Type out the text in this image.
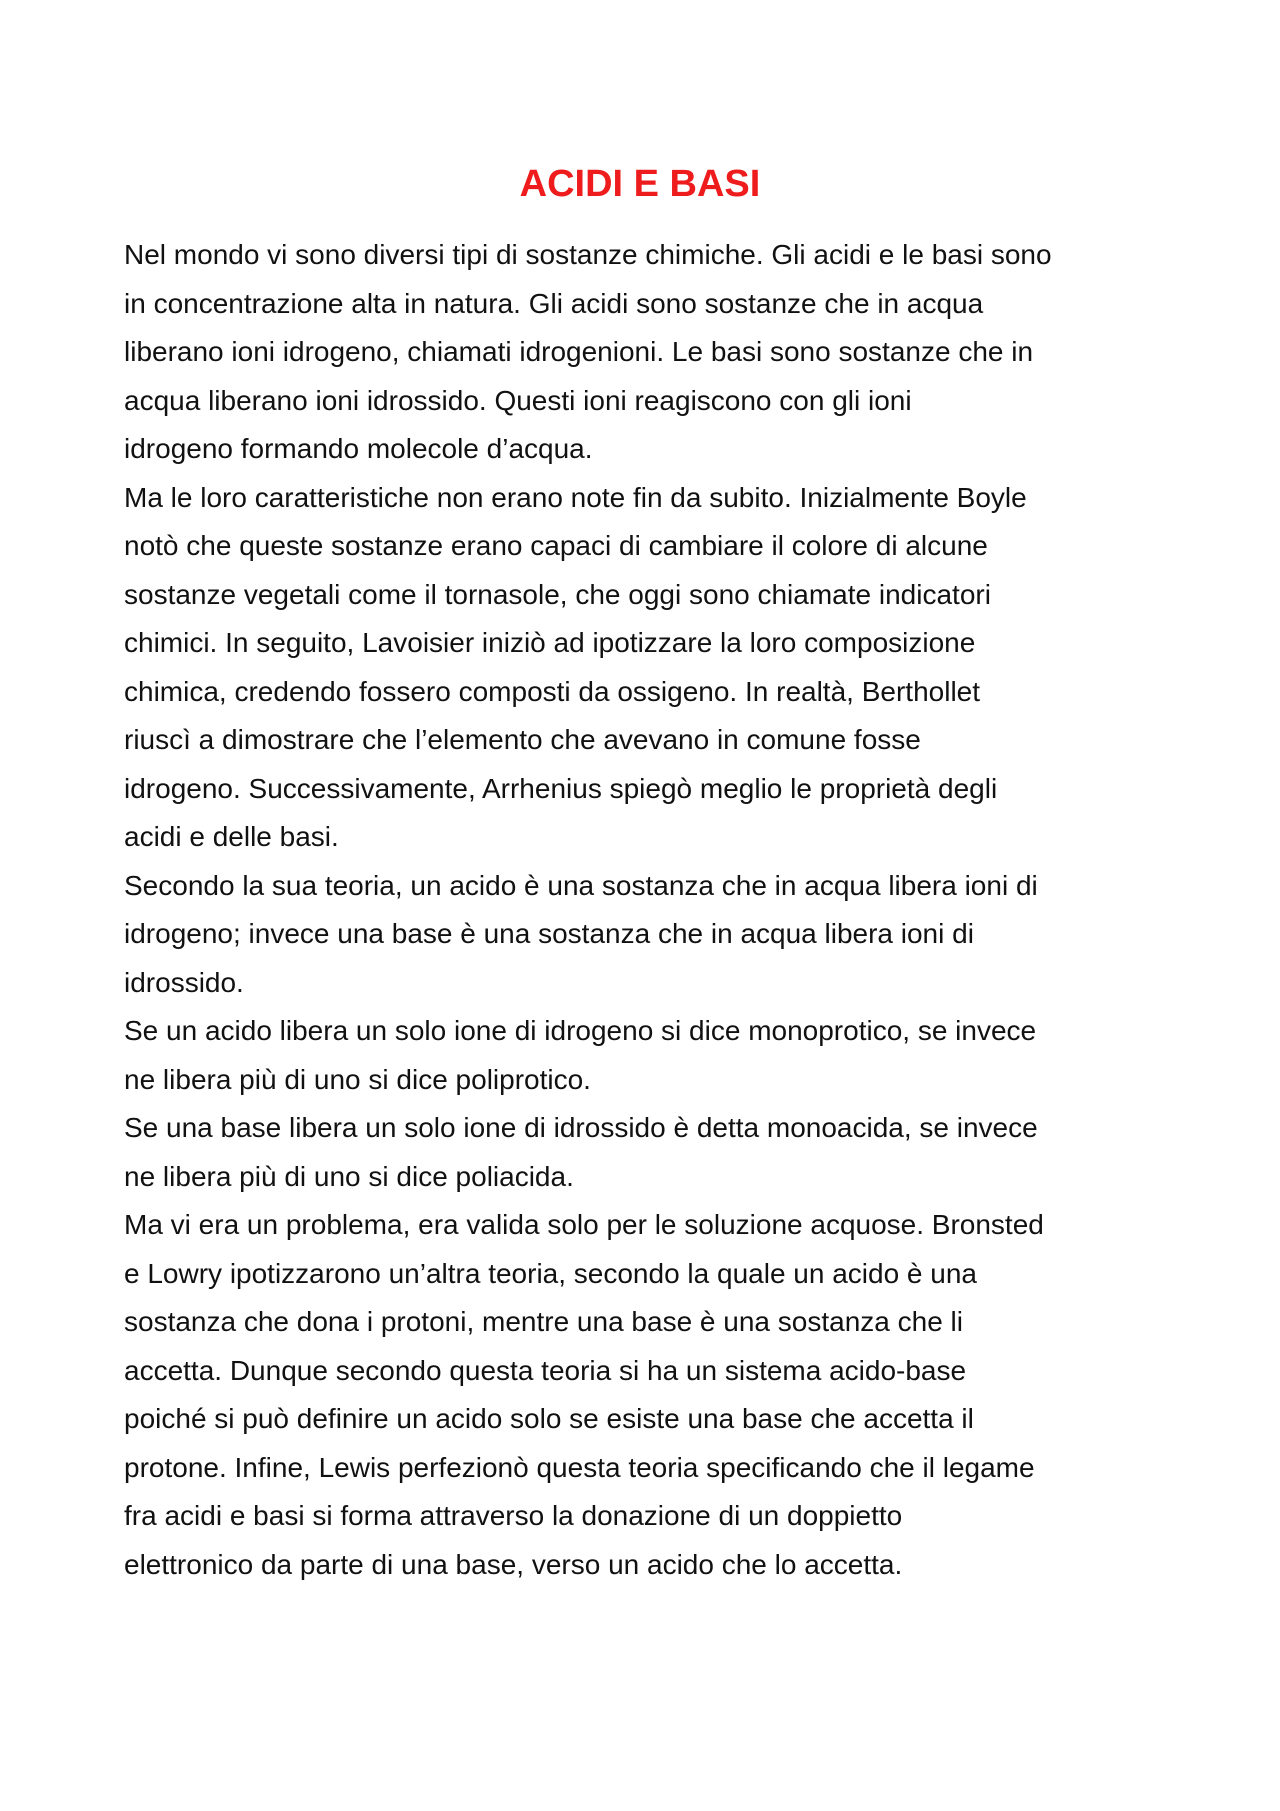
ACIDI E BASI
Nel mondo vi sono diversi tipi di sostanze chimiche. Gli acidi e le basi sono
in concentrazione alta in natura. Gli acidi sono sostanze che in acqua
liberano ioni idrogeno, chiamati idrogenioni. Le basi sono sostanze che in
acqua liberano ioni idrossido. Questi ioni reagiscono con gli ioni
idrogeno formando molecole d’acqua.
Ma le loro caratteristiche non erano note fin da subito. Inizialmente Boyle
notò che queste sostanze erano capaci di cambiare il colore di alcune
sostanze vegetali come il tornasole, che oggi sono chiamate indicatori
chimici. In seguito, Lavoisier iniziò ad ipotizzare la loro composizione
chimica, credendo fossero composti da ossigeno. In realtà, Berthollet
riuscì a dimostrare che l’elemento che avevano in comune fosse
idrogeno. Successivamente, Arrhenius spiegò meglio le proprietà degli
acidi e delle basi.
Secondo la sua teoria, un acido è una sostanza che in acqua libera ioni di
idrogeno; invece una base è una sostanza che in acqua libera ioni di
idrossido.
Se un acido libera un solo ione di idrogeno si dice monoprotico, se invece
ne libera più di uno si dice poliprotico.
Se una base libera un solo ione di idrossido è detta monoacida, se invece
ne libera più di uno si dice poliacida.
Ma vi era un problema, era valida solo per le soluzione acquose. Bronsted
e Lowry ipotizzarono un’altra teoria, secondo la quale un acido è una
sostanza che dona i protoni, mentre una base è una sostanza che li
accetta. Dunque secondo questa teoria si ha un sistema acido-base
poiché si può definire un acido solo se esiste una base che accetta il
protone. Infine, Lewis perfezionò questa teoria specificando che il legame
fra acidi e basi si forma attraverso la donazione di un doppietto
elettronico da parte di una base, verso un acido che lo accetta.
